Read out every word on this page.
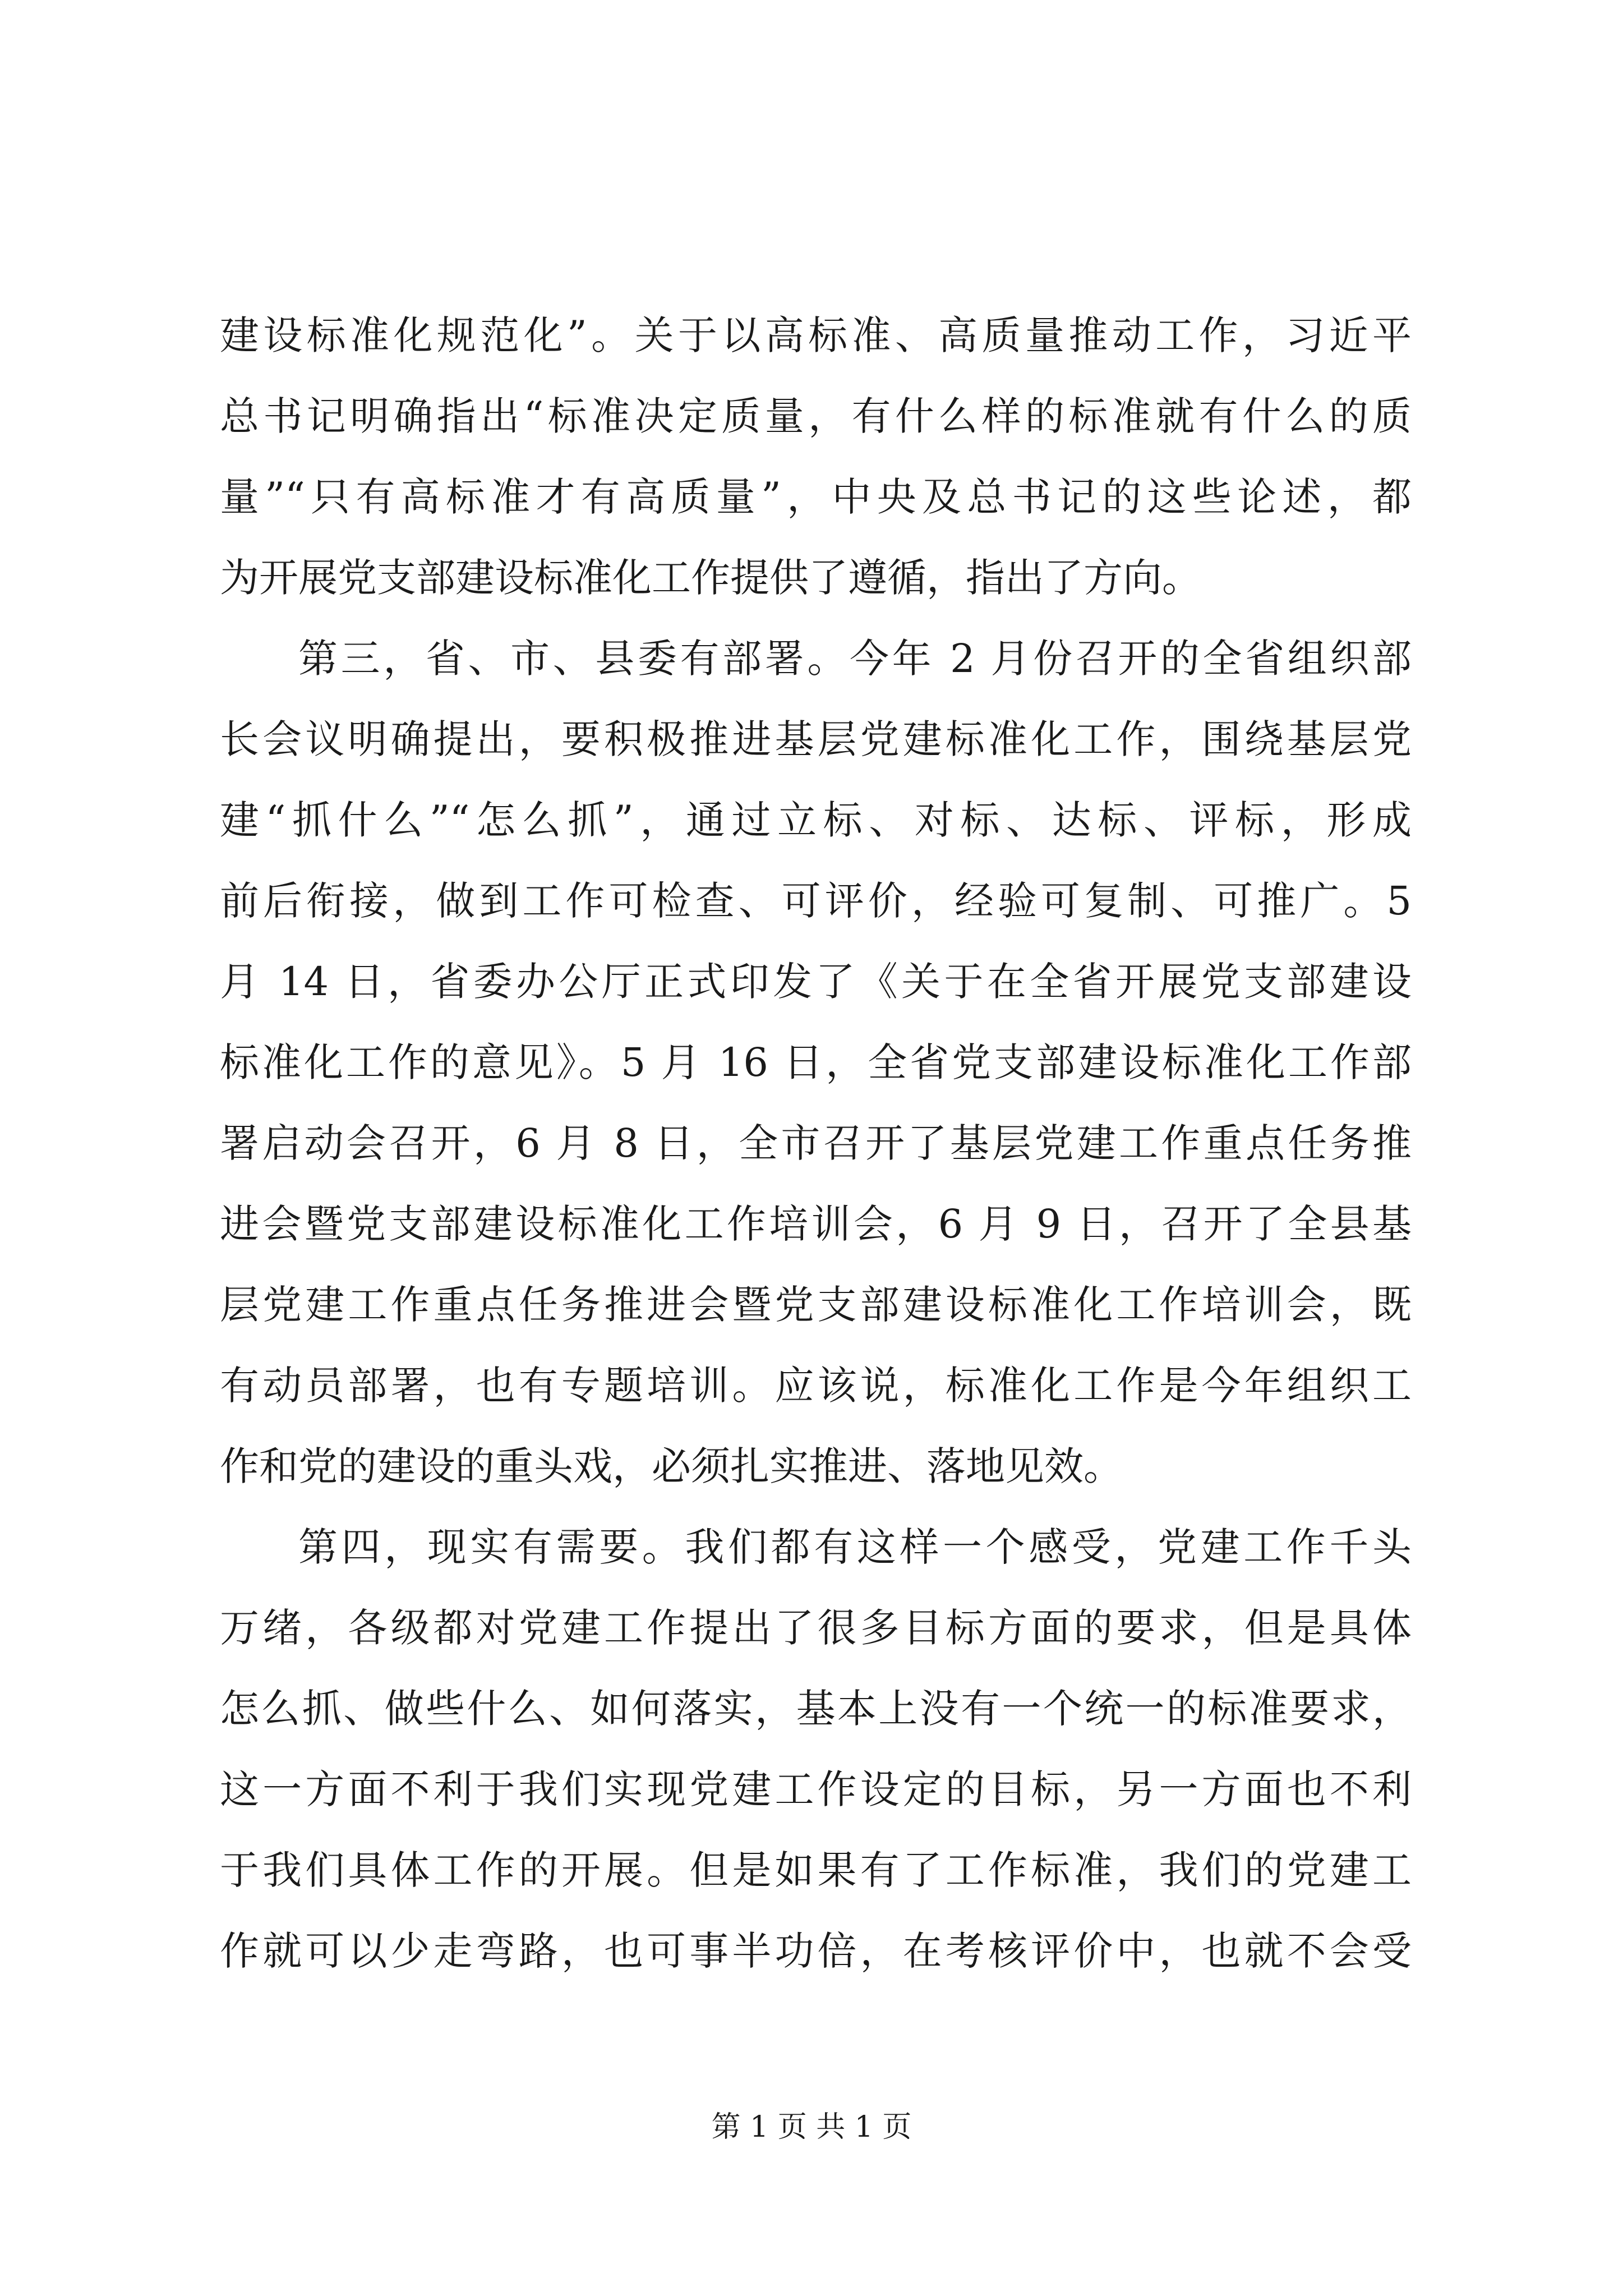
建设标准化规范化”。关于以高标准、高质量推动工作，习近平
总书记明确指出“标准决定质量，有什么样的标准就有什么的质
量”“只有高标准才有高质量”，中央及总书记的这些论述，都
为开展党支部建设标准化工作提供了遵循，指出了方向。
第三，省、市、县委有部署。今年 2 月份召开的全省组织部
长会议明确提出，要积极推进基层党建标准化工作，围绕基层党
建“抓什么”“怎么抓”，通过立标、对标、达标、评标，形成
前后衔接，做到工作可检查、可评价，经验可复制、可推广。5
月 14 日，省委办公厅正式印发了《关于在全省开展党支部建设
标准化工作的意见》。5 月 16 日，全省党支部建设标准化工作部
署启动会召开，6 月 8 日，全市召开了基层党建工作重点任务推
进会暨党支部建设标准化工作培训会，6 月 9 日，召开了全县基
层党建工作重点任务推进会暨党支部建设标准化工作培训会，既
有动员部署，也有专题培训。应该说，标准化工作是今年组织工
作和党的建设的重头戏，必须扎实推进、落地见效。
第四，现实有需要。我们都有这样一个感受，党建工作千头
万绪，各级都对党建工作提出了很多目标方面的要求，但是具体
怎么抓、做些什么、如何落实，基本上没有一个统一的标准要求，
这一方面不利于我们实现党建工作设定的目标，另一方面也不利
于我们具体工作的开展。但是如果有了工作标准，我们的党建工
作就可以少走弯路，也可事半功倍，在考核评价中，也就不会受
第 1 页 共 1 页
